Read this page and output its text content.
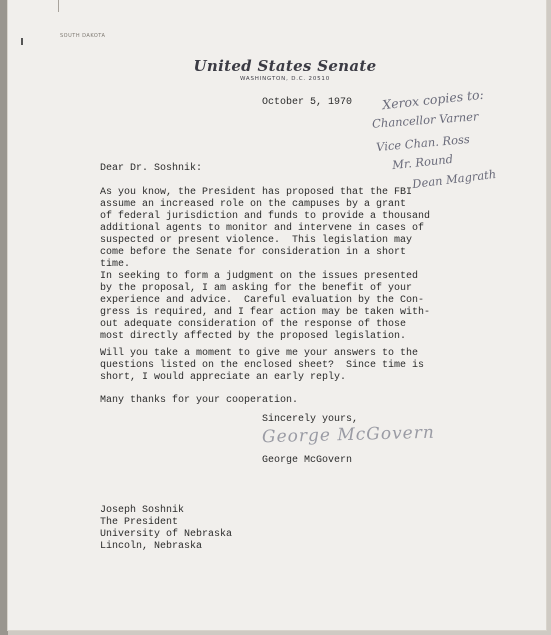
SOUTH DAKOTA
United States Senate
WASHINGTON, D.C. 20510
October 5, 1970 Xerox copies to:
Chancellor Varner
Vice Chan. Ross
Mr. Round
Dean Magrath
Dear Dr. Soshnik:
As you know, the President has proposed that the FBI
assume an increased role on the campuses by a grant
of federal jurisdiction and funds to provide a thousand
additional agents to monitor and intervene in cases of
suspected or present violence.  This legislation may
come before the Senate for consideration in a short
time.
In seeking to form a judgment on the issues presented
by the proposal, I am asking for the benefit of your
experience and advice.  Careful evaluation by the Con-
gress is required, and I fear action may be taken with-
out adequate consideration of the response of those
most directly affected by the proposed legislation.
Will you take a moment to give me your answers to the
questions listed on the enclosed sheet?  Since time is
short, I would appreciate an early reply.
Many thanks for your cooperation.
Sincerely yours,
George McGovern
George McGovern
Joseph Soshnik
The President
University of Nebraska
Lincoln, Nebraska
